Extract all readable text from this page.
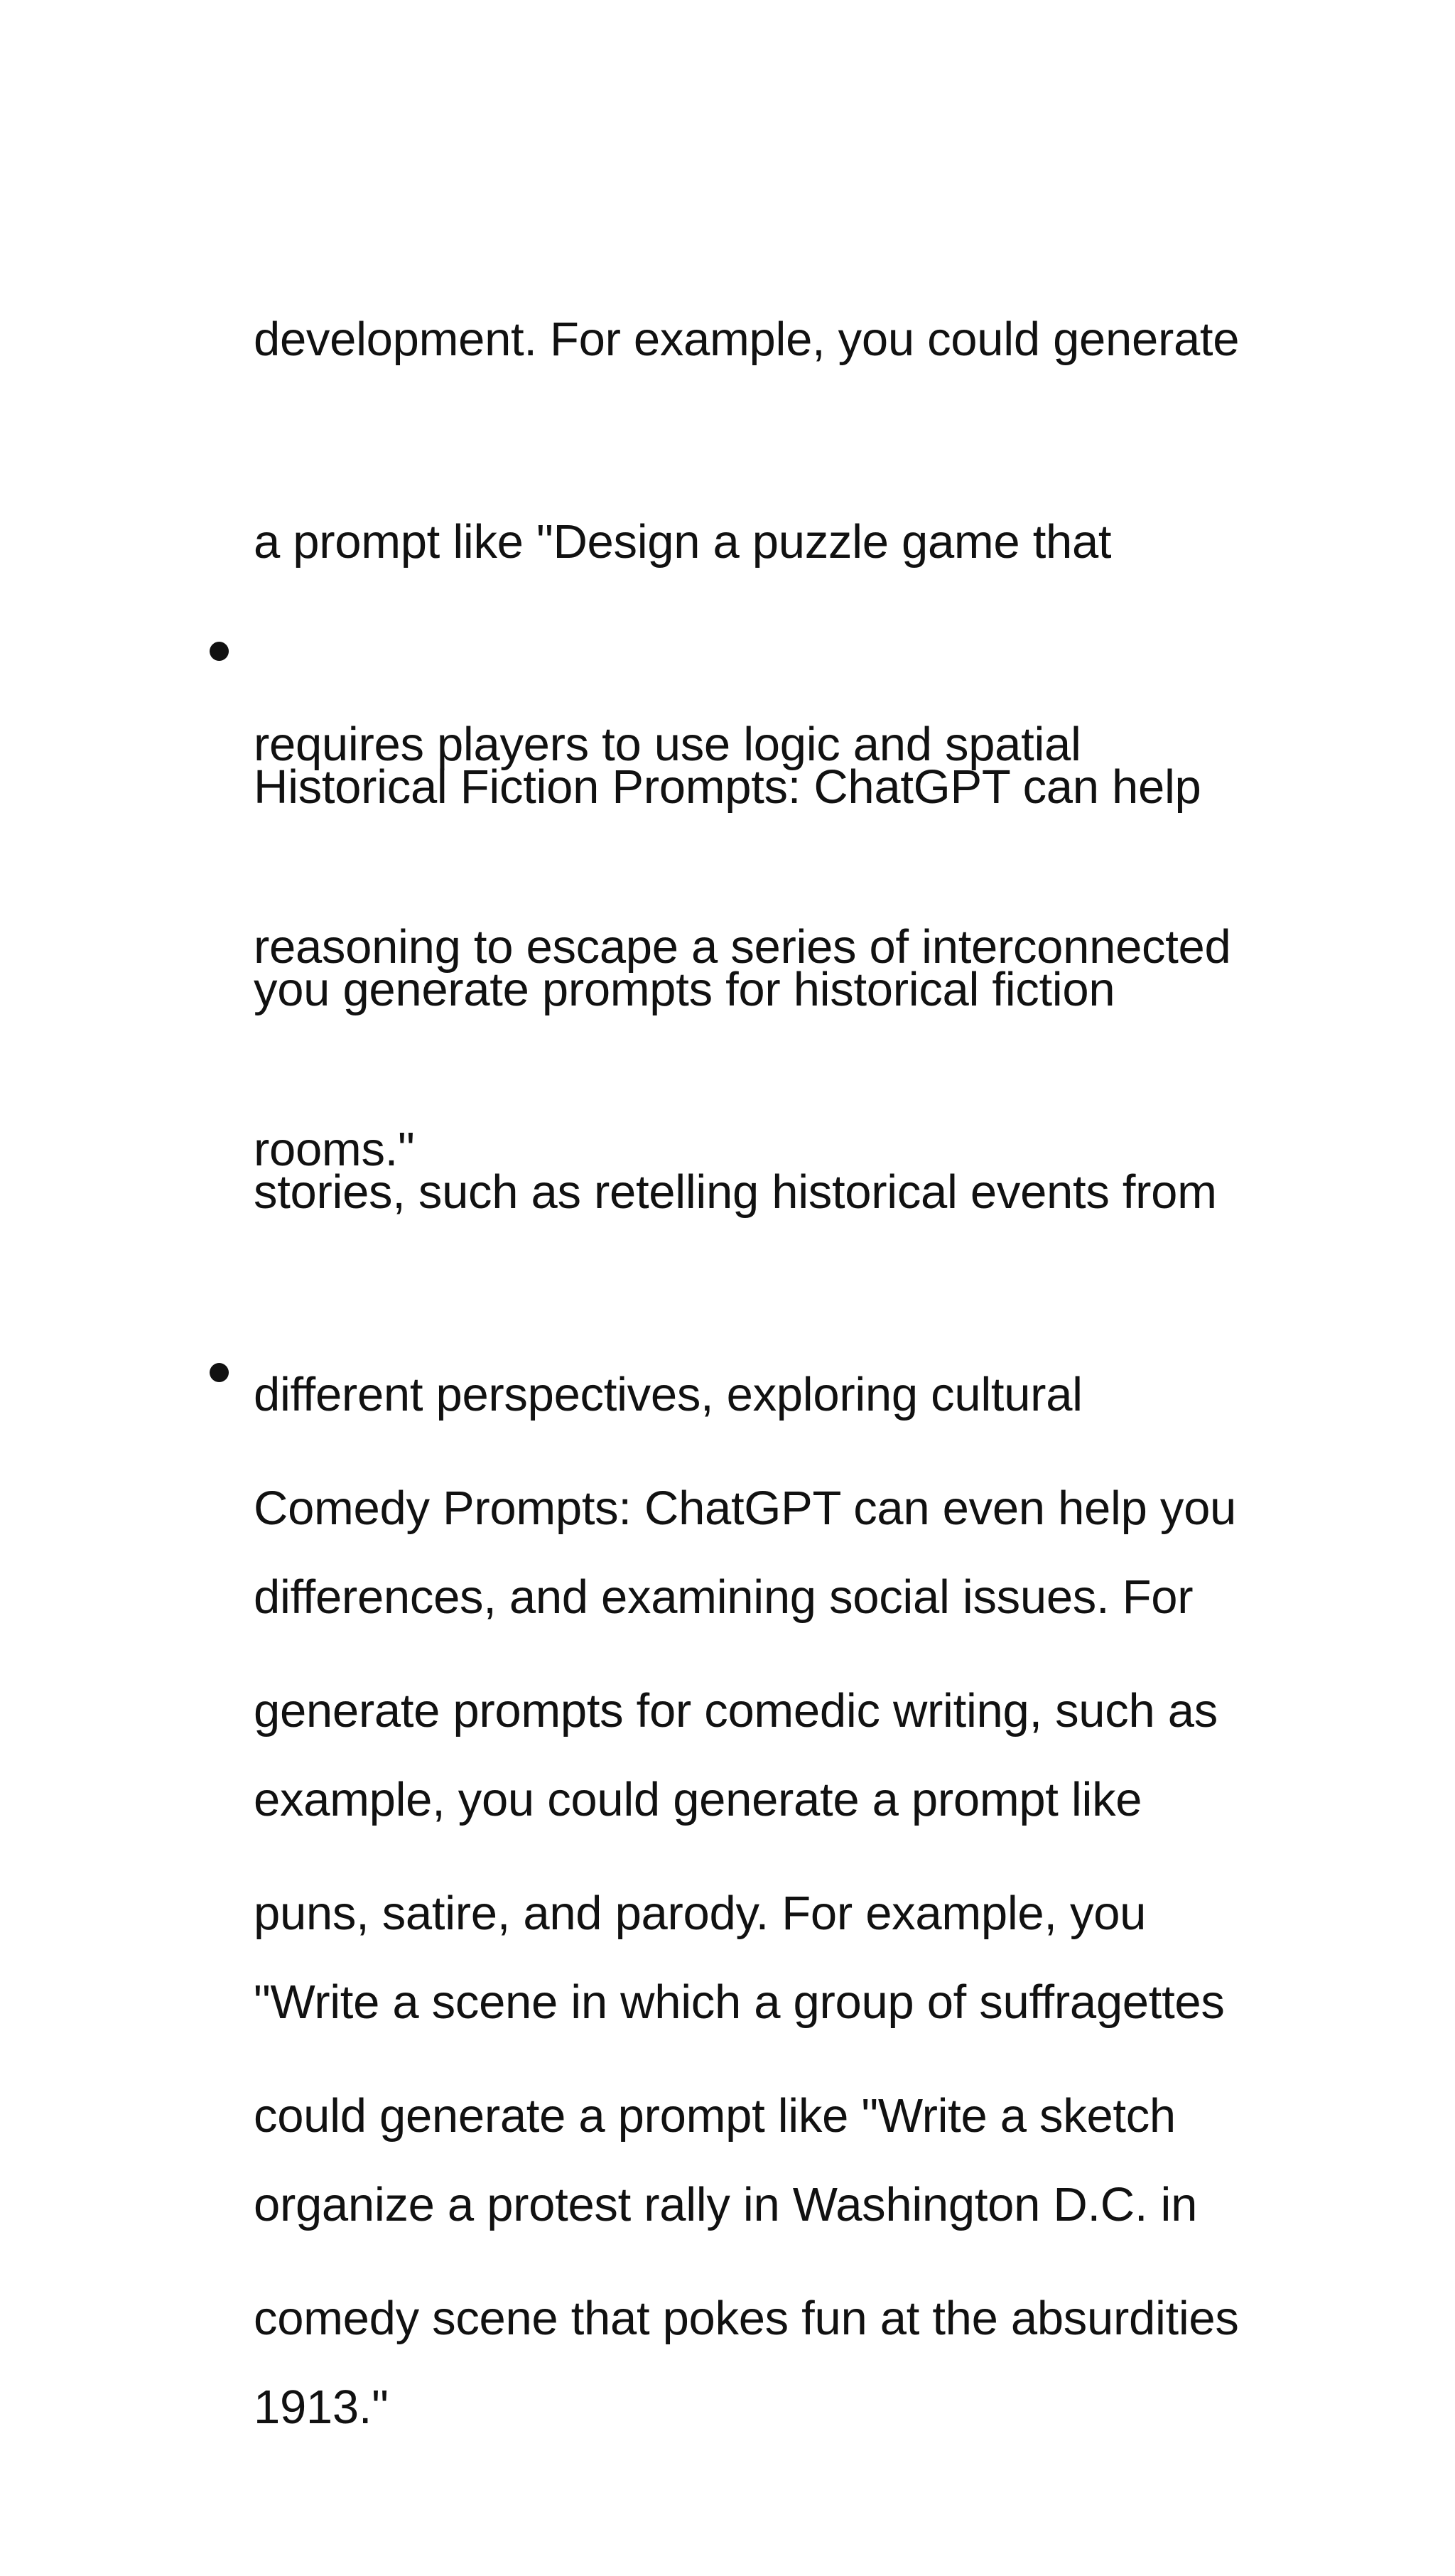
development. For example, you could generate

a prompt like "Design a puzzle game that

requires players to use logic and spatial

reasoning to escape a series of interconnected

rooms."

Historical Fiction Prompts: ChatGPT can help

you generate prompts for historical fiction

stories, such as retelling historical events from

different perspectives, exploring cultural

differences, and examining social issues. For

example, you could generate a prompt like

"Write a scene in which a group of suffragettes

organize a protest rally in Washington D.C. in

1913."

Comedy Prompts: ChatGPT can even help you

generate prompts for comedic writing, such as

puns, satire, and parody. For example, you

could generate a prompt like "Write a sketch

comedy scene that pokes fun at the absurdities
